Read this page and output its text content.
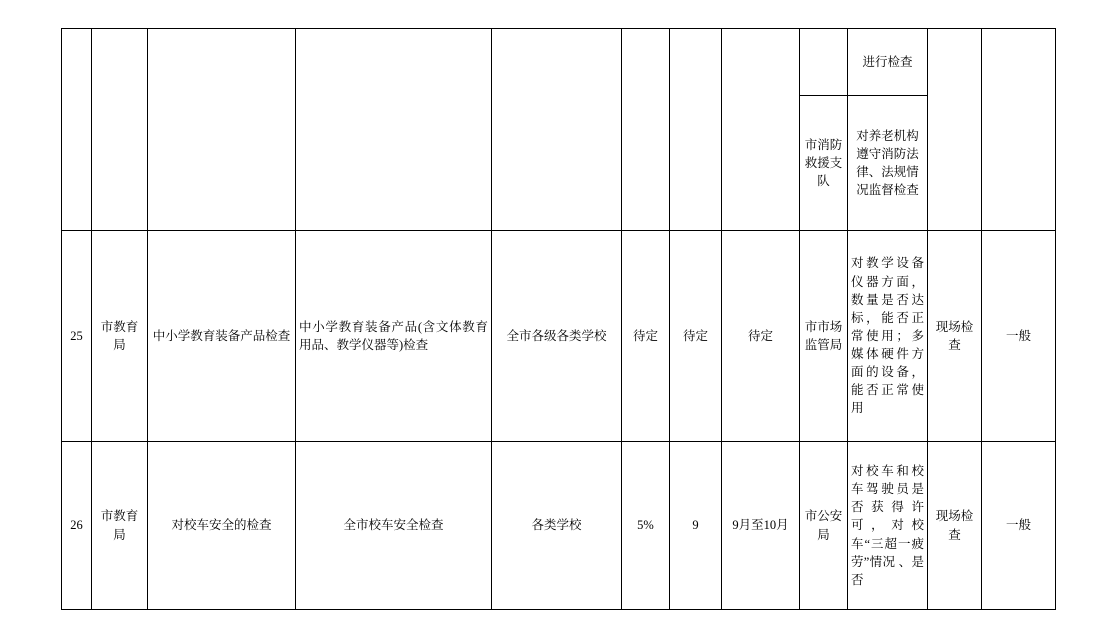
									进行检查		
								市消防救援支队	对养老机构遵守消防法律、法规情况监督检查		
25	市教育局	中小学教育装备产品检查	中小学教育装备产品(含文体教育用品、教学仪器等)检查	全市各级各类学校	待定	待定	待定	市市场监管局	对教学设备仪器方面，数量是否达标，能否正常使用；多媒体硬件方面的设备，能否正常使用	现场检查	一般
26	市教育局	对校车安全的检查	全市校车安全检查	各类学校	5%	9	9月至10月	市公安局	对校车和校车驾驶员是否获得许可，对校车“三超一疲劳”情况 、是否	现场检查	一般
